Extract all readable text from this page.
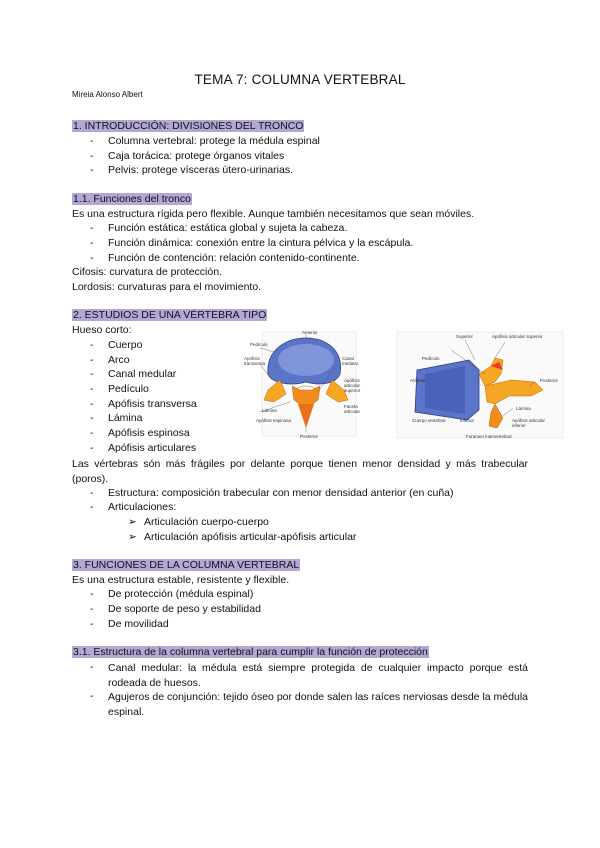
TEMA 7: COLUMNA VERTEBRAL
Mireia Alonso Albert
1. INTRODUCCIÓN: DIVISIONES DEL TRONCO
- Columna vertebral: protege la médula espinal
- Caja torácica: protege órganos vitales
- Pelvis: protege vísceras útero-urinarias.
1.1. Funciones del tronco
Es una estructura rígida pero flexible. Aunque también necesitamos que sean móviles.
- Función estática: estática global y sujeta la cabeza.
- Función dinámica: conexión entre la cintura pélvica y la escápula.
- Función de contención: relación contenido-continente.
Cifosis: curvatura de protección.
Lordosis: curvaturas para el movimiento.
2. ESTUDIOS DE UNA VÉRTEBRA TIPO
Hueso corto:
- Cuerpo
- Arco
- Canal medular
- Pedículo
- Apófisis transversa
- Lámina
- Apófisis espinosa
- Apófisis articulares
Anterior
Pedículo
Apófisis transversa
Canal medular
Apófisis articular superior
Lámina
Apófisis espinosa
Faceta articular
Posterior
Superior	Apófisis articular superior
Pedículo
Anterior	Posterior
Cuerpo vertebral	Inferior
Lámina
Apófisis articular inferior
Foramen intervertebral
Las vértebras són más frágiles por delante porque tienen menor densidad y más trabecular (poros).
- Estructura: composición trabecular con menor densidad anterior (en cuña)
- Articulaciones:
➢ Articulación cuerpo-cuerpo
➢ Articulación apófisis articular-apófisis articular
3. FUNCIONES DE LA COLUMNA VERTEBRAL
Es una estructura estable, resistente y flexible.
- De protección (médula espinal)
- De soporte de peso y estabilidad
- De movilidad
3.1. Estructura de la columna vertebral para cumplir la función de protección
-	Canal medular: la médula está siempre protegida de cualquier impacto porque está rodeada de huesos.
-	Agujeros de conjunción: tejido óseo por donde salen las raíces nerviosas desde la médula espinal.
